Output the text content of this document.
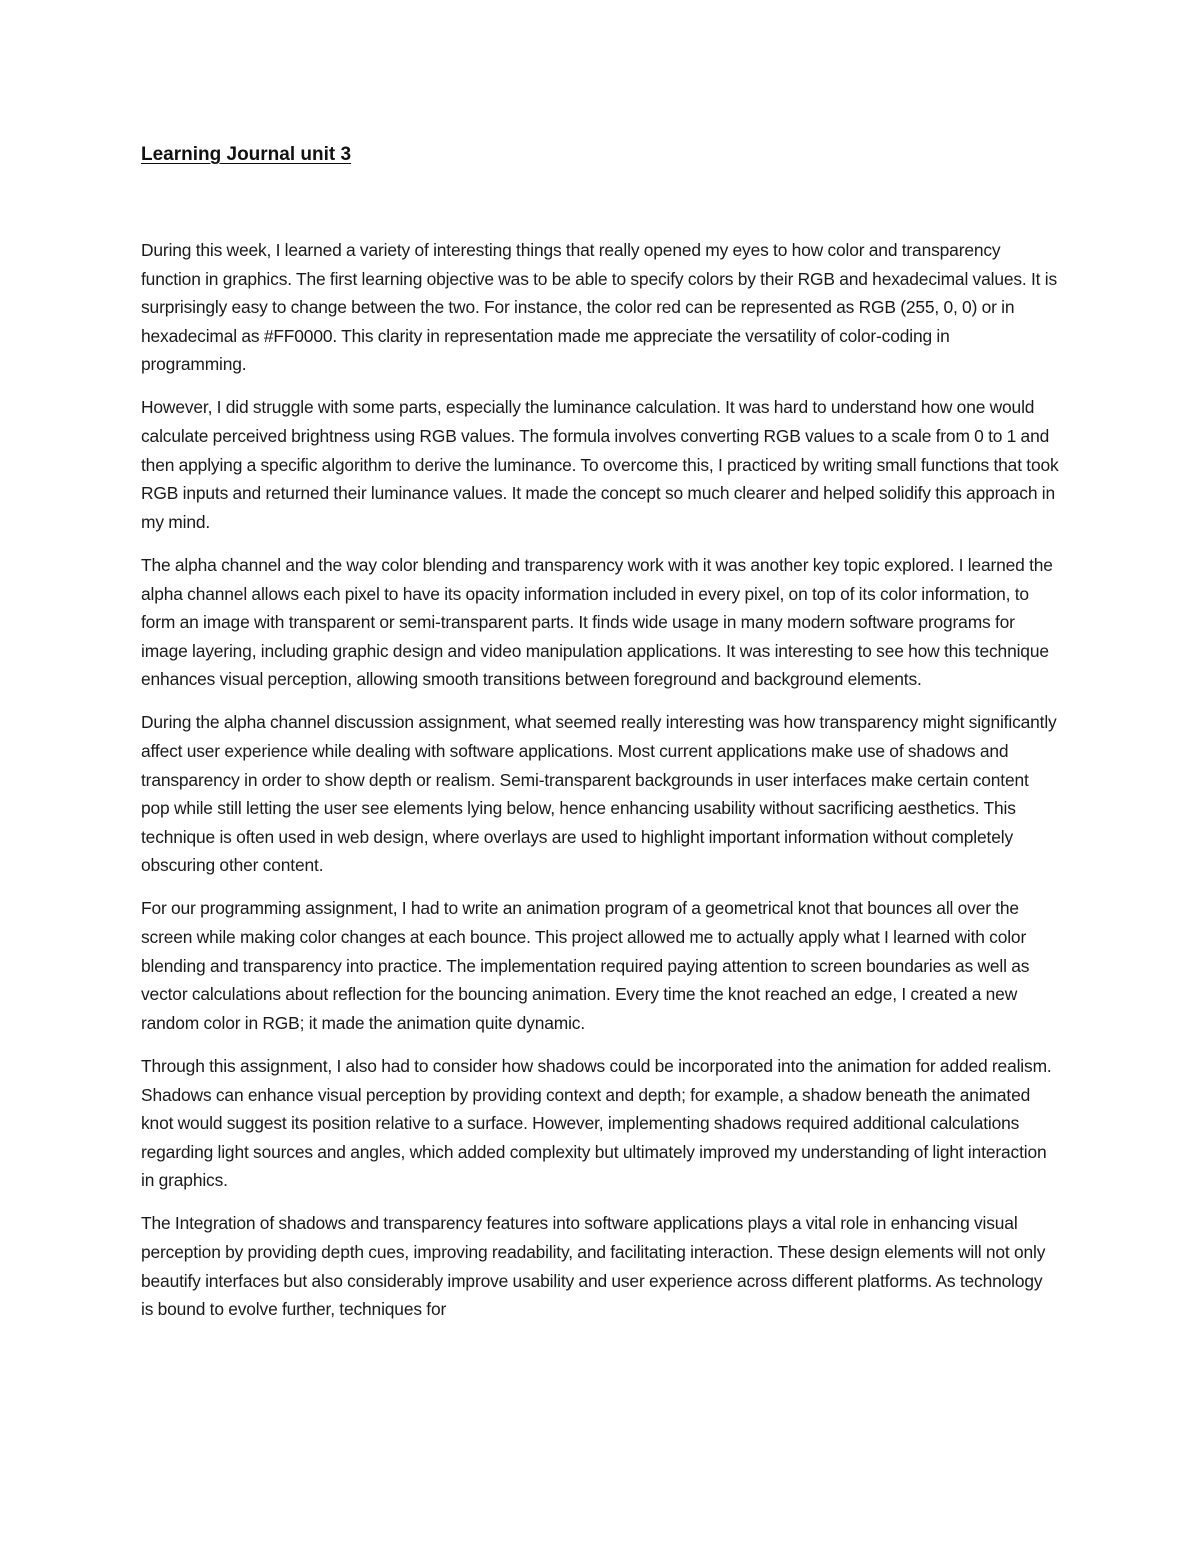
Learning Journal unit 3

During this week, I learned a variety of interesting things that really opened my eyes to how color and transparency function in graphics. The first learning objective was to be able to specify colors by their RGB and hexadecimal values. It is surprisingly easy to change between the two. For instance, the color red can be represented as RGB (255, 0, 0) or in hexadecimal as #FF0000. This clarity in representation made me appreciate the versatility of color-coding in programming.

However, I did struggle with some parts, especially the luminance calculation. It was hard to understand how one would calculate perceived brightness using RGB values. The formula involves converting RGB values to a scale from 0 to 1 and then applying a specific algorithm to derive the luminance. To overcome this, I practiced by writing small functions that took RGB inputs and returned their luminance values. It made the concept so much clearer and helped solidify this approach in my mind.

The alpha channel and the way color blending and transparency work with it was another key topic explored. I learned the alpha channel allows each pixel to have its opacity information included in every pixel, on top of its color information, to form an image with transparent or semi-transparent parts. It finds wide usage in many modern software programs for image layering, including graphic design and video manipulation applications. It was interesting to see how this technique enhances visual perception, allowing smooth transitions between foreground and background elements.

During the alpha channel discussion assignment, what seemed really interesting was how transparency might significantly affect user experience while dealing with software applications. Most current applications make use of shadows and transparency in order to show depth or realism. Semi-transparent backgrounds in user interfaces make certain content pop while still letting the user see elements lying below, hence enhancing usability without sacrificing aesthetics. This technique is often used in web design, where overlays are used to highlight important information without completely obscuring other content.

For our programming assignment, I had to write an animation program of a geometrical knot that bounces all over the screen while making color changes at each bounce. This project allowed me to actually apply what I learned with color blending and transparency into practice. The implementation required paying attention to screen boundaries as well as vector calculations about reflection for the bouncing animation. Every time the knot reached an edge, I created a new random color in RGB; it made the animation quite dynamic.

Through this assignment, I also had to consider how shadows could be incorporated into the animation for added realism. Shadows can enhance visual perception by providing context and depth; for example, a shadow beneath the animated knot would suggest its position relative to a surface. However, implementing shadows required additional calculations regarding light sources and angles, which added complexity but ultimately improved my understanding of light interaction in graphics.

The Integration of shadows and transparency features into software applications plays a vital role in enhancing visual perception by providing depth cues, improving readability, and facilitating interaction. These design elements will not only beautify interfaces but also considerably improve usability and user experience across different platforms. As technology is bound to evolve further, techniques for
